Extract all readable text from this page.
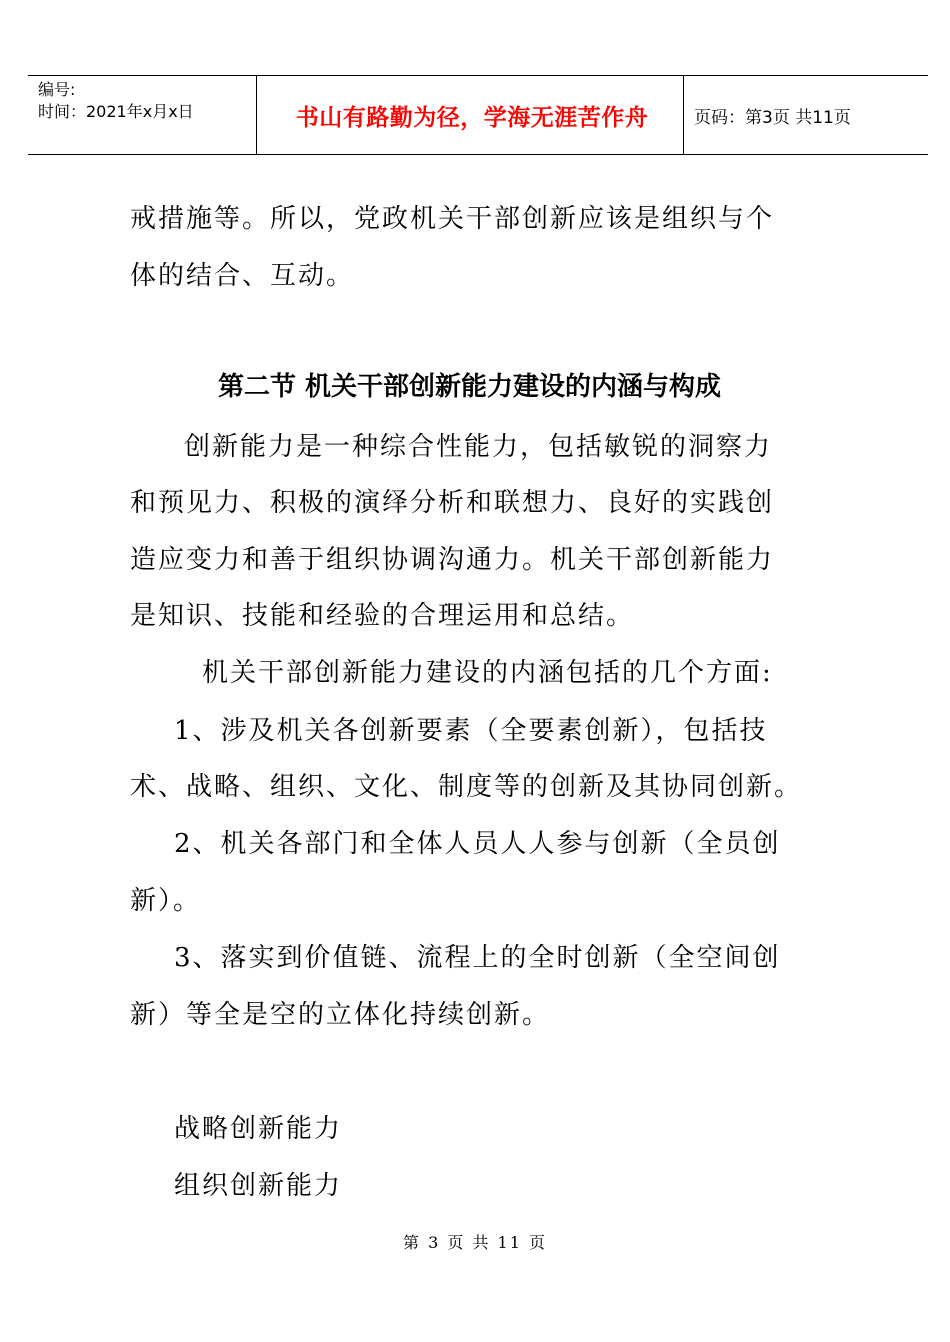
编号:
时间：2021年x月x日	书山有路勤为径，学海无涯苦作舟	页码：第3页 共11页

戒措施等。所以，党政机关干部创新应该是组织与个

体的结合、互动。

第二节 机关干部创新能力建设的内涵与构成

创新能力是一种综合性能力，包括敏锐的洞察力

和预见力、积极的演绎分析和联想力、良好的实践创

造应变力和善于组织协调沟通力。机关干部创新能力

是知识、技能和经验的合理运用和总结。

机关干部创新能力建设的内涵包括的几个方面:

1、涉及机关各创新要素（全要素创新），包括技

术、战略、组织、文化、制度等的创新及其协同创新。

2、机关各部门和全体人员人人参与创新（全员创

新）。

3、落实到价值链、流程上的全时创新（全空间创

新）等全是空的立体化持续创新。

战略创新能力

组织创新能力

第 3 页 共 11 页
